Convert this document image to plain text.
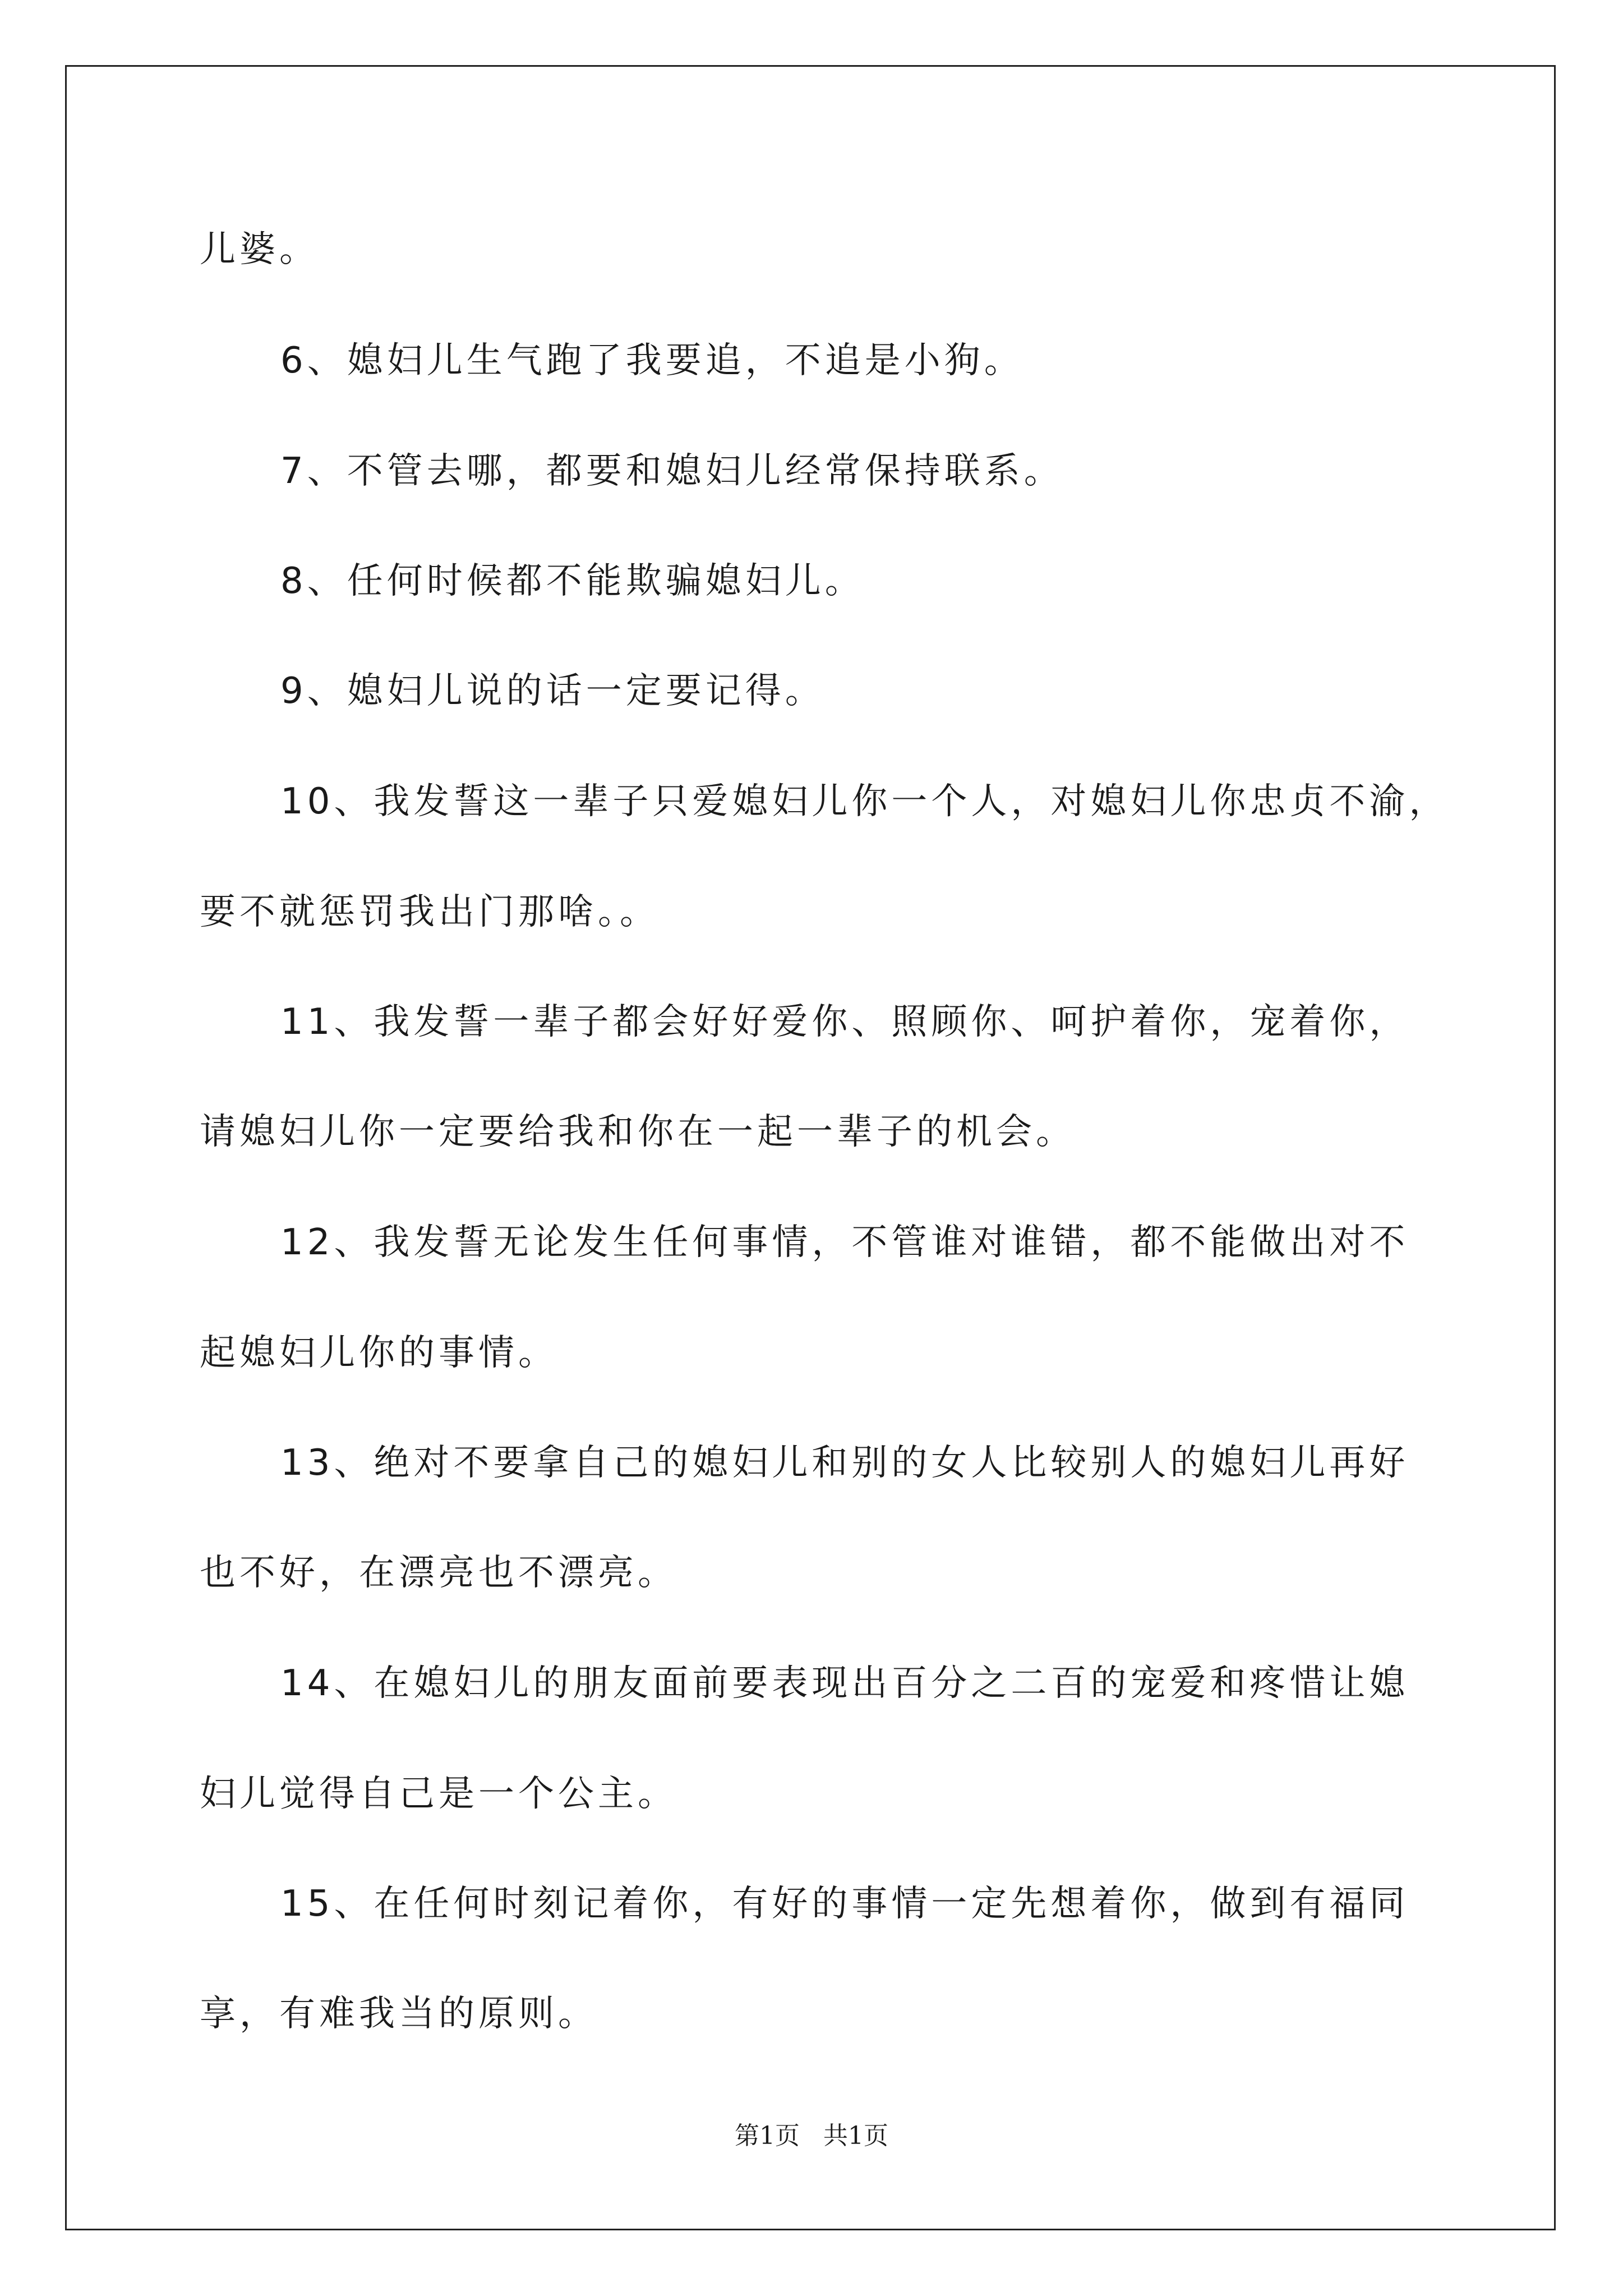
儿婆。
6、媳妇儿生气跑了我要追，不追是小狗。
7、不管去哪，都要和媳妇儿经常保持联系。
8、任何时候都不能欺骗媳妇儿。
9、媳妇儿说的话一定要记得。
10、我发誓这一辈子只爱媳妇儿你一个人，对媳妇儿你忠贞不渝，
要不就惩罚我出门那啥。。
11、我发誓一辈子都会好好爱你、照顾你、呵护着你，宠着你，
请媳妇儿你一定要给我和你在一起一辈子的机会。
12、我发誓无论发生任何事情，不管谁对谁错，都不能做出对不
起媳妇儿你的事情。
13、绝对不要拿自己的媳妇儿和别的女人比较别人的媳妇儿再好
也不好，在漂亮也不漂亮。
14、在媳妇儿的朋友面前要表现出百分之二百的宠爱和疼惜让媳
妇儿觉得自己是一个公主。
15、在任何时刻记着你，有好的事情一定先想着你，做到有福同
享，有难我当的原则。
第1页   共1页
